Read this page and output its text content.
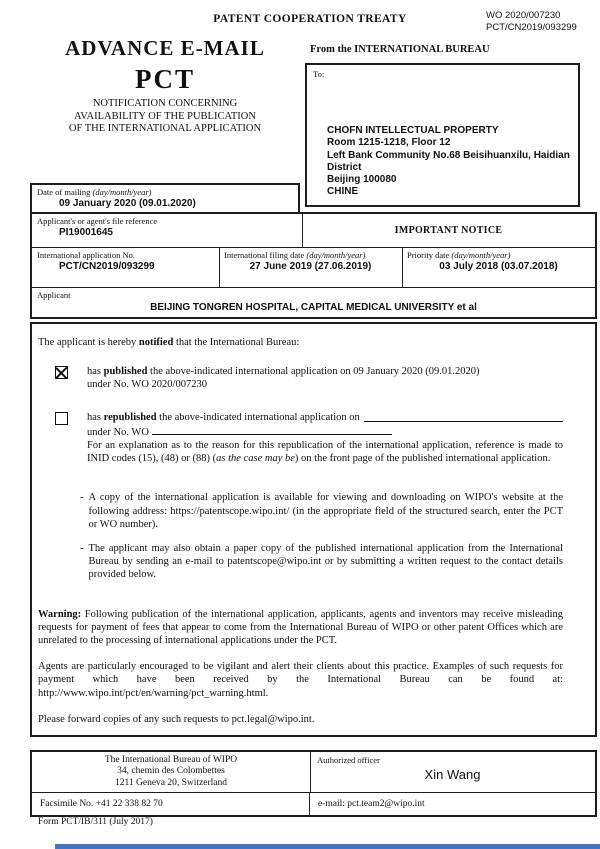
PATENT COOPERATION TREATY	WO 2020/007230
PCT/CN2019/093299
ADVANCE E-MAIL
PCT
NOTIFICATION CONCERNING
AVAILABILITY OF THE PUBLICATION
OF THE INTERNATIONAL APPLICATION
From the INTERNATIONAL BUREAU
To:
CHOFN INTELLECTUAL PROPERTY
Room 1215-1218, Floor 12
Left Bank Community No.68 Beisihuanxilu, Haidian
District
Beijing 100080
CHINE
Date of mailing (day/month/year)
09 January 2020 (09.01.2020)
Applicant's or agent's file reference
PI19001645	IMPORTANT NOTICE
International application No.
PCT/CN2019/093299
International filing date (day/month/year)
27 June 2019 (27.06.2019)
Priority date (day/month/year)
03 July 2018 (03.07.2018)
Applicant
BEIJING TONGREN HOSPITAL, CAPITAL MEDICAL UNIVERSITY et al

The applicant is hereby notified that the International Bureau:

has published the above-indicated international application on 09 January 2020 (09.01.2020)
under No. WO 2020/007230
has republished the above-indicated international application on
under No. WO
For an explanation as to the reason for this republication of the international application, reference is made to INID codes (15), (48) or (88) (as the case may be) on the front page of the published international application.
- A copy of the international application is available for viewing and downloading on WIPO's website at the following address: https://patentscope.wipo.int/ (in the appropriate field of the structured search, enter the PCT or WO number).
- The applicant may also obtain a paper copy of the published international application from the International Bureau by sending an e-mail to patentscope@wipo.int or by submitting a written request to the contact details provided below.

Warning: Following publication of the international application, applicants, agents and inventors may receive misleading requests for payment of fees that appear to come from the International Bureau of WIPO or other patent Offices which are unrelated to the processing of international applications under the PCT.

Agents are particularly encouraged to be vigilant and alert their clients about this practice. Examples of such requests for payment which have been received by the International Bureau can be found at: http://www.wipo.int/pct/en/warning/pct_warning.html.

Please forward copies of any such requests to pct.legal@wipo.int.

The International Bureau of WIPO
34, chemin des Colombettes
1211 Geneva 20, Switzerland
Facsimile No. +41 22 338 82 70
Authorized officer
Xin Wang
e-mail: pct.team2@wipo.int
Form PCT/IB/311 (July 2017)
